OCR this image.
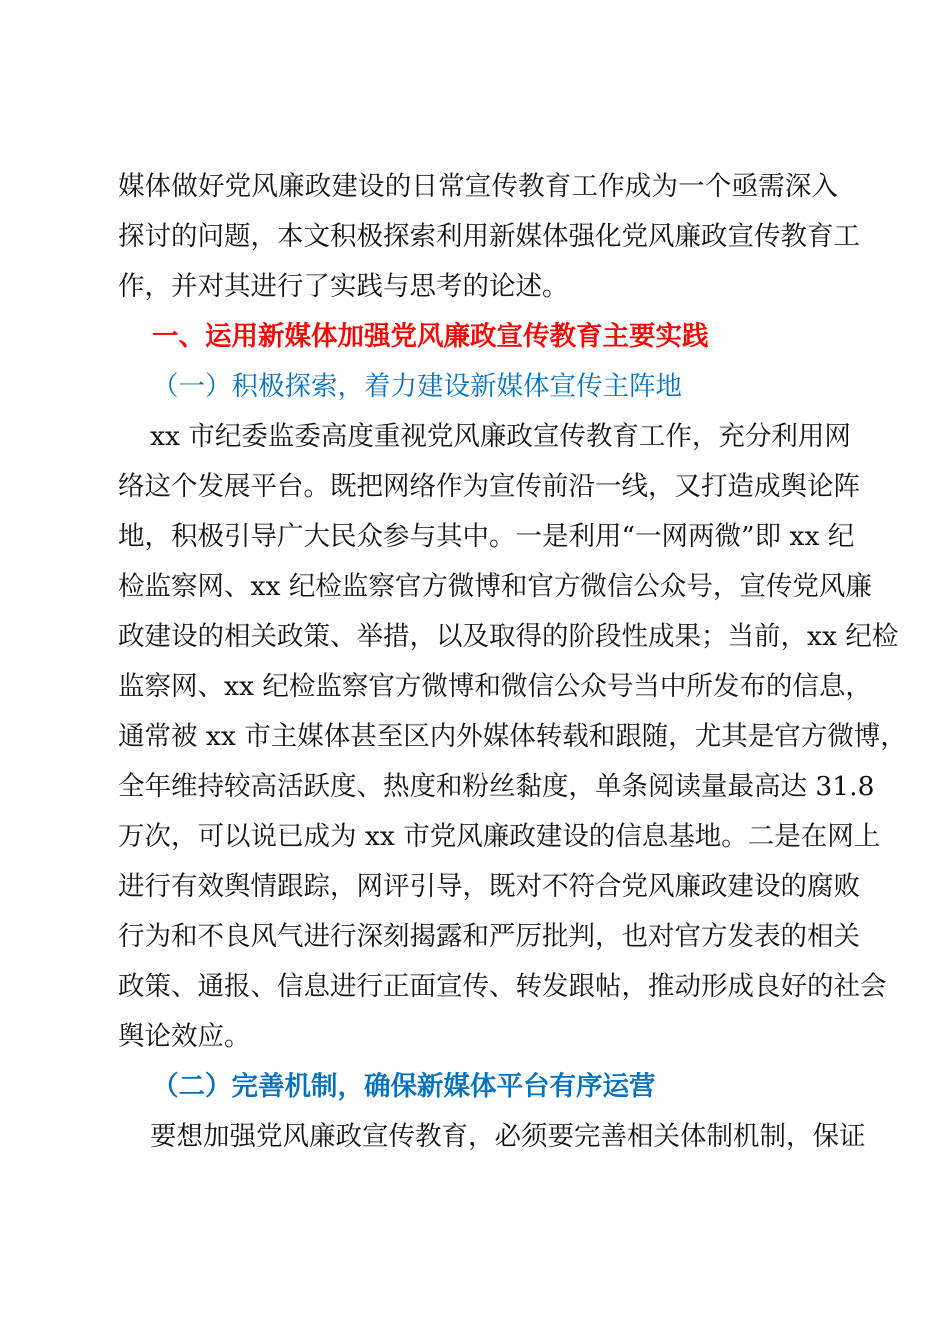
媒体做好党风廉政建设的日常宣传教育工作成为一个亟需深入
探讨的问题，本文积极探索利用新媒体强化党风廉政宣传教育工
作，并对其进行了实践与思考的论述。
一、运用新媒体加强党风廉政宣传教育主要实践
（一）积极探索，着力建设新媒体宣传主阵地
xx 市纪委监委高度重视党风廉政宣传教育工作，充分利用网
络这个发展平台。既把网络作为宣传前沿一线，又打造成舆论阵
地，积极引导广大民众参与其中。一是利用“一网两微”即 xx 纪
检监察网、xx 纪检监察官方微博和官方微信公众号，宣传党风廉
政建设的相关政策、举措，以及取得的阶段性成果；当前，xx 纪检
监察网、xx 纪检监察官方微博和微信公众号当中所发布的信息，
通常被 xx 市主媒体甚至区内外媒体转载和跟随，尤其是官方微博，
全年维持较高活跃度、热度和粉丝黏度，单条阅读量最高达 31.8
万次，可以说已成为 xx 市党风廉政建设的信息基地。二是在网上
进行有效舆情跟踪，网评引导，既对不符合党风廉政建设的腐败
行为和不良风气进行深刻揭露和严厉批判，也对官方发表的相关
政策、通报、信息进行正面宣传、转发跟帖，推动形成良好的社会
舆论效应。
（二）完善机制，确保新媒体平台有序运营
要想加强党风廉政宣传教育，必须要完善相关体制机制，保证
